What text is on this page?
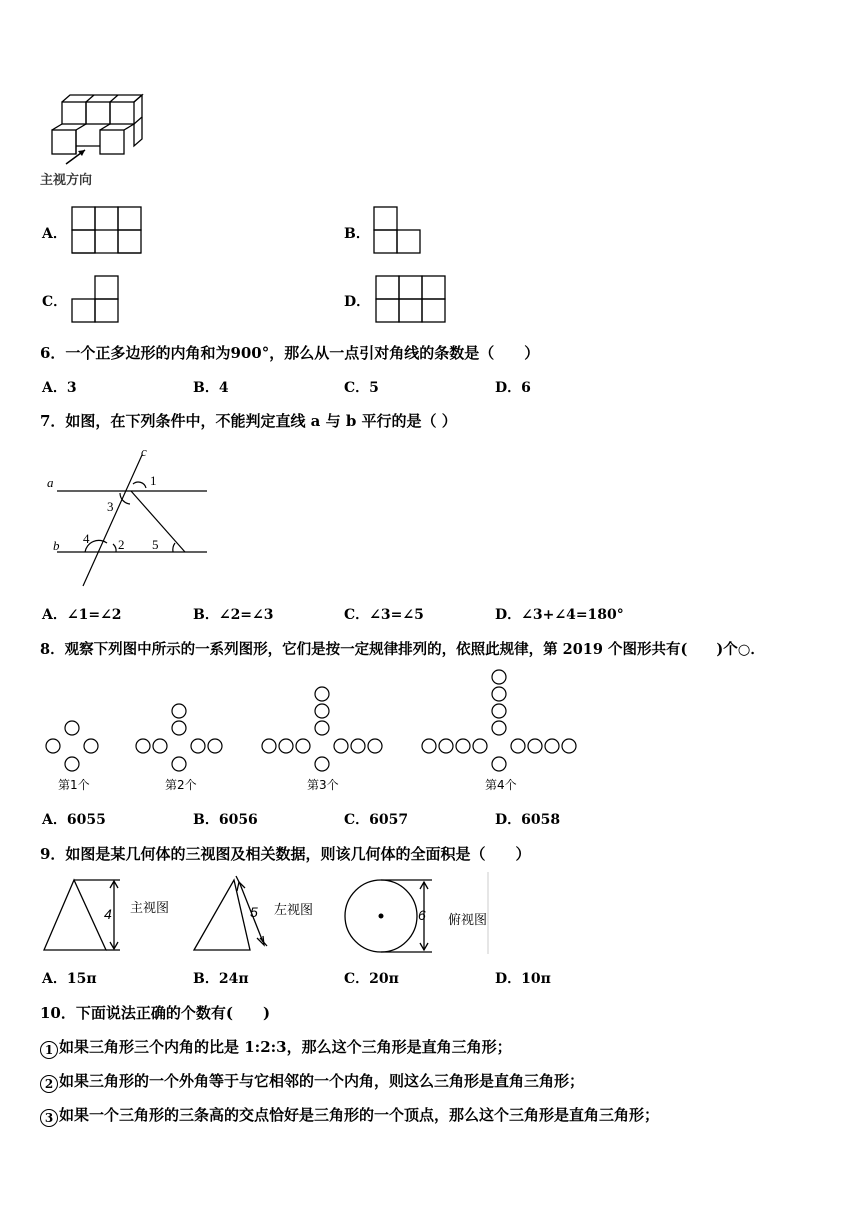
主视方向
A．	B．
C．	D．
6．一个正多边形的内角和为900°，那么从一点引对角线的条数是（　　）
A．3	B．4	C．5	D．6
7．如图，在下列条件中，不能判定直线 a 与 b 平行的是（ ）
c
a
b
1
3
4 2 5
A．∠1=∠2	B．∠2=∠3	C．∠3=∠5	D．∠3+∠4=180°
8．观察下列图中所示的一系列图形，它们是按一定规律排列的，依照此规律，第 2019 个图形共有(　　)个○．
第1个	第2个	第3个	第4个
A．6055	B．6056	C．6057	D．6058
9．如图是某几何体的三视图及相关数据，则该几何体的全面积是（　　）
4 主视图	5 左视图	6 俯视图
A．15π	B．24π	C．20π	D．10π
10．下面说法正确的个数有(　　)
1 如果三角形三个内角的比是 1:2:3，那么这个三角形是直角三角形；
2 如果三角形的一个外角等于与它相邻的一个内角，则这么三角形是直角三角形；
3 如果一个三角形的三条高的交点恰好是三角形的一个顶点，那么这个三角形是直角三角形；
